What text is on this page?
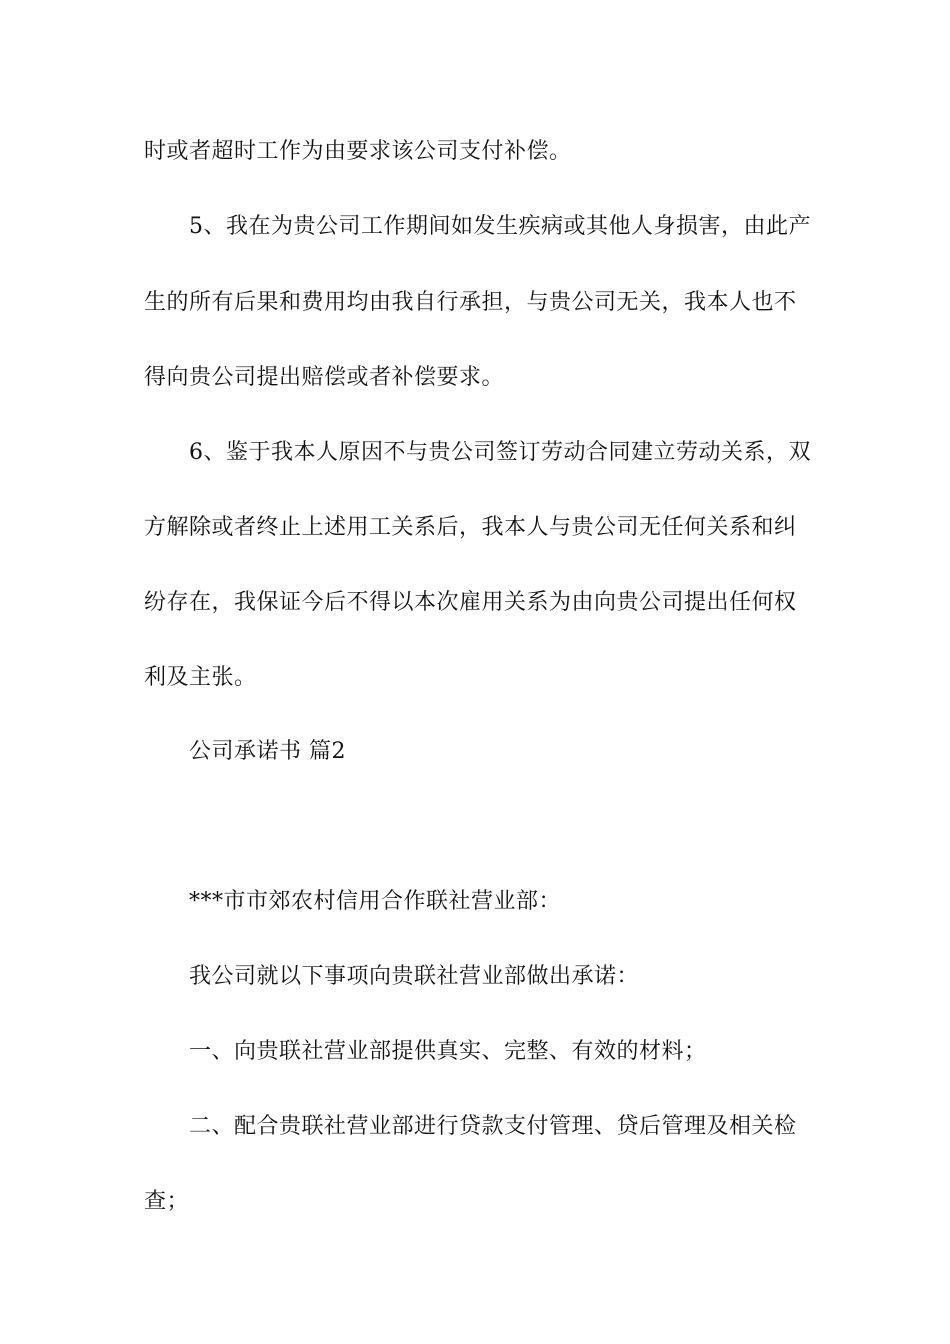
时或者超时工作为由要求该公司支付补偿。
5、我在为贵公司工作期间如发生疾病或其他人身损害，由此产
生的所有后果和费用均由我自行承担，与贵公司无关，我本人也不
得向贵公司提出赔偿或者补偿要求。
6、鉴于我本人原因不与贵公司签订劳动合同建立劳动关系，双
方解除或者终止上述用工关系后，我本人与贵公司无任何关系和纠
纷存在，我保证今后不得以本次雇用关系为由向贵公司提出任何权
利及主张。
公司承诺书 篇2
***市市郊农村信用合作联社营业部：
我公司就以下事项向贵联社营业部做出承诺：
一、向贵联社营业部提供真实、完整、有效的材料；
二、配合贵联社营业部进行贷款支付管理、贷后管理及相关检
查；
